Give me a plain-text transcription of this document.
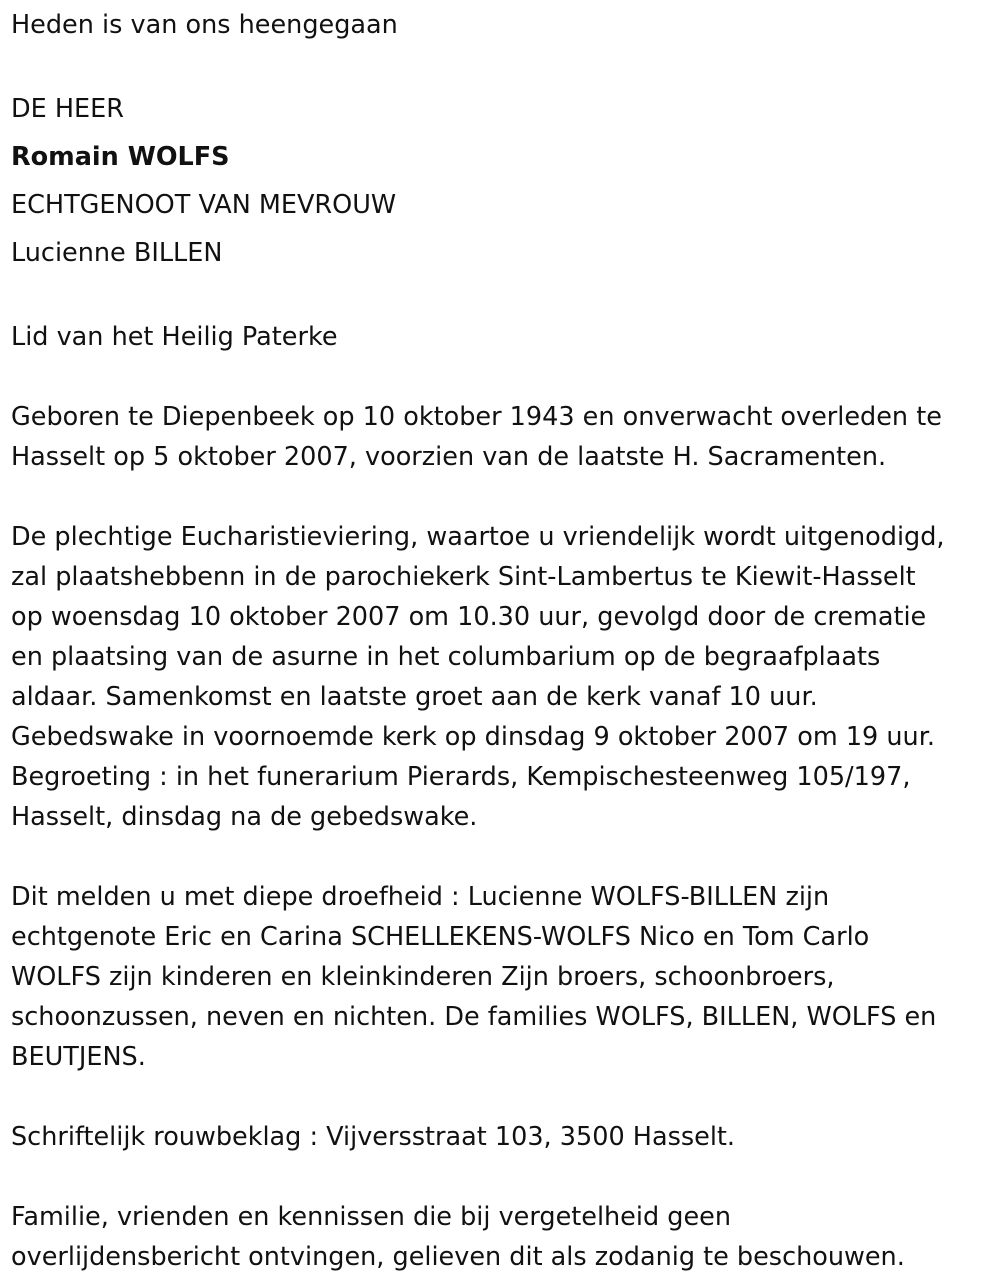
Heden is van ons heengegaan

DE HEER

Romain WOLFS

ECHTGENOOT VAN MEVROUW

Lucienne BILLEN

Lid van het Heilig Paterke

Geboren te Diepenbeek op 10 oktober 1943 en onverwacht overleden te

Hasselt op 5 oktober 2007, voorzien van de laatste H. Sacramenten.

De plechtige Eucharistieviering, waartoe u vriendelijk wordt uitgenodigd,

zal plaatshebbenn in de parochiekerk Sint-Lambertus te Kiewit-Hasselt

op woensdag 10 oktober 2007 om 10.30 uur, gevolgd door de crematie

en plaatsing van de asurne in het columbarium op de begraafplaats

aldaar. Samenkomst en laatste groet aan de kerk vanaf 10 uur.

Gebedswake in voornoemde kerk op dinsdag 9 oktober 2007 om 19 uur.

Begroeting : in het funerarium Pierards, Kempischesteenweg 105/197,

Hasselt, dinsdag na de gebedswake.

Dit melden u met diepe droefheid : Lucienne WOLFS-BILLEN zijn

echtgenote Eric en Carina SCHELLEKENS-WOLFS Nico en Tom Carlo

WOLFS zijn kinderen en kleinkinderen Zijn broers, schoonbroers,

schoonzussen, neven en nichten. De families WOLFS, BILLEN, WOLFS en

BEUTJENS.

Schriftelijk rouwbeklag : Vijversstraat 103, 3500 Hasselt.

Familie, vrienden en kennissen die bij vergetelheid geen

overlijdensbericht ontvingen, gelieven dit als zodanig te beschouwen.
